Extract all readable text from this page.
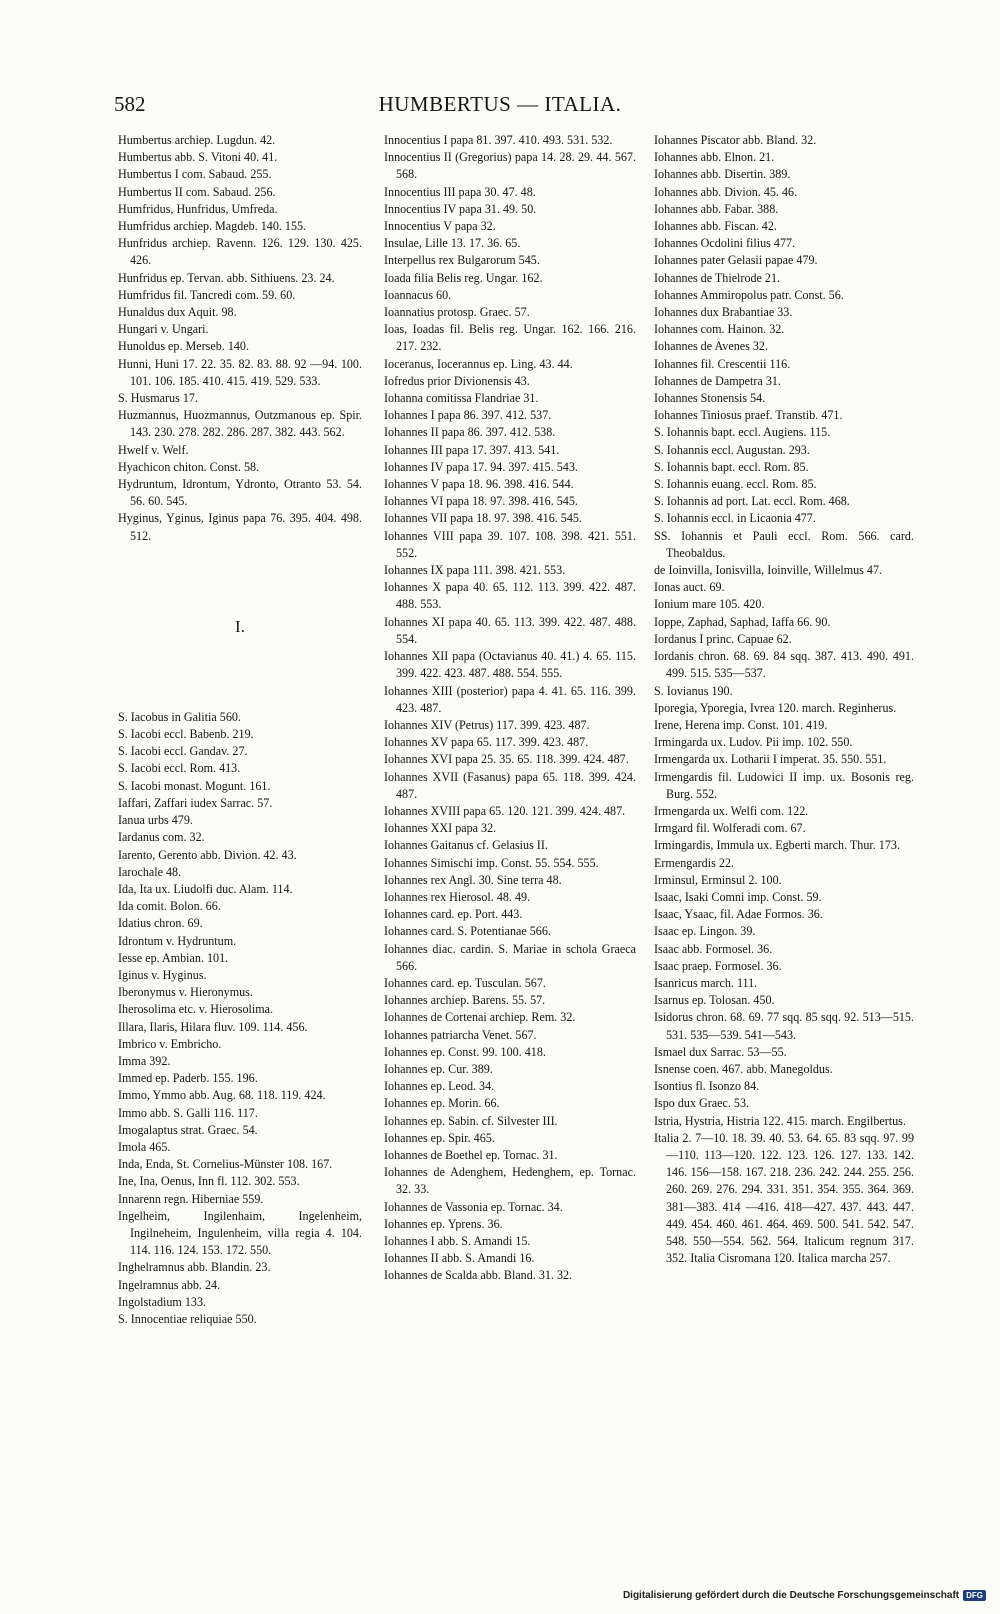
582	HUMBERTUS — ITALIA.
Humbertus archiep. Lugdun. 42.
Humbertus abb. S. Vitoni 40. 41.
Humbertus I com. Sabaud. 255.
Humbertus II com. Sabaud. 256.
Humfridus, Hunfridus, Umfreda.
Humfridus archiep. Magdeb. 140. 155.
Hunfridus archiep. Ravenn. 126. 129. 130. 425. 426.
Hunfridus ep. Tervan. abb. Sithiuens. 23. 24.
Humfridus fil. Tancredi com. 59. 60.
Hunaldus dux Aquit. 98.
Hungari v. Ungari.
Hunoldus ep. Merseb. 140.
Hunni, Huni 17. 22. 35. 82. 83. 88. 92 —94. 100. 101. 106. 185. 410. 415. 419. 529. 533.
S. Husmarus 17.
Huzmannus, Huozmannus, Outzmanous ep. Spir. 143. 230. 278. 282. 286. 287. 382. 443. 562.
Hwelf v. Welf.
Hyachicon chiton. Const. 58.
Hydruntum, Idrontum, Ydronto, Otranto 53. 54. 56. 60. 545.
Hyginus, Yginus, Iginus papa 76. 395. 404. 498. 512.
I.
S. Iacobus in Galitia 560.
S. Iacobi eccl. Babenb. 219.
S. Iacobi eccl. Gandav. 27.
S. Iacobi eccl. Rom. 413.
S. Iacobi monast. Mogunt. 161.
Iaffari, Zaffari iudex Sarrac. 57.
Ianua urbs 479.
Iardanus com. 32.
Iarento, Gerento abb. Divion. 42. 43.
Iarochale 48.
Ida, Ita ux. Liudolfi duc. Alam. 114.
Ida comit. Bolon. 66.
Idatius chron. 69.
Idrontum v. Hydruntum.
Iesse ep. Ambian. 101.
Iginus v. Hyginus.
Iberonymus v. Hieronymus.
Iherosolima etc. v. Hierosolima.
Illara, Ilaris, Hilara fluv. 109. 114. 456.
Imbrico v. Embricho.
Imma 392.
Immed ep. Paderb. 155. 196.
Immo, Ymmo abb. Aug. 68. 118. 119. 424.
Immo abb. S. Galli 116. 117.
Imogalaptus strat. Graec. 54.
Imola 465.
Inda, Enda, St. Cornelius-Münster 108. 167.
Ine, Ina, Oenus, Inn fl. 112. 302. 553.
Innarenn regn. Hiberniae 559.
Ingelheim, Ingilenhaim, Ingelenheim, Ingilneheim, Ingulenheim, villa regia 4. 104. 114. 116. 124. 153. 172. 550.
Inghelramnus abb. Blandin. 23.
Ingelramnus abb. 24.
Ingolstadium 133.
S. Innocentiae reliquiae 550.
Innocentius I papa 81. 397. 410. 493. 531. 532.
Innocentius II (Gregorius) papa 14. 28. 29. 44. 567. 568.
Innocentius III papa 30. 47. 48.
Innocentius IV papa 31. 49. 50.
Innocentius V papa 32.
Insulae, Lille 13. 17. 36. 65.
Interpellus rex Bulgarorum 545.
Ioada filia Belis reg. Ungar. 162.
Ioannacus 60.
Ioannatius protosp. Graec. 57.
Ioas, Ioadas fil. Belis reg. Ungar. 162. 166. 216. 217. 232.
Ioceranus, Iocerannus ep. Ling. 43. 44.
Iofredus prior Divionensis 43.
Iohanna comitissa Flandriae 31.
Iohannes I papa 86. 397. 412. 537.
Iohannes II papa 86. 397. 412. 538.
Iohannes III papa 17. 397. 413. 541.
Iohannes IV papa 17. 94. 397. 415. 543.
Iohannes V papa 18. 96. 398. 416. 544.
Iohannes VI papa 18. 97. 398. 416. 545.
Iohannes VII papa 18. 97. 398. 416. 545.
Iohannes VIII papa 39. 107. 108. 398. 421. 551. 552.
Iohannes IX papa 111. 398. 421. 553.
Iohannes X papa 40. 65. 112. 113. 399. 422. 487. 488. 553.
Iohannes XI papa 40. 65. 113. 399. 422. 487. 488. 554.
Iohannes XII papa (Octavianus 40. 41.) 4. 65. 115. 399. 422. 423. 487. 488. 554. 555.
Iohannes XIII (posterior) papa 4. 41. 65. 116. 399. 423. 487.
Iohannes XIV (Petrus) 117. 399. 423. 487.
Iohannes XV papa 65. 117. 399. 423. 487.
Iohannes XVI papa 25. 35. 65. 118. 399. 424. 487.
Iohannes XVII (Fasanus) papa 65. 118. 399. 424. 487.
Iohannes XVIII papa 65. 120. 121. 399. 424. 487.
Iohannes XXI papa 32.
Iohannes Gaitanus cf. Gelasius II.
Iohannes Simischi imp. Const. 55. 554. 555.
Iohannes rex Angl. 30. Sine terra 48.
Iohannes rex Hierosol. 48. 49.
Iohannes card. ep. Port. 443.
Iohannes card. S. Potentianae 566.
Iohannes diac. cardin. S. Mariae in schola Graeca 566.
Iohannes card. ep. Tusculan. 567.
Iohannes archiep. Barens. 55. 57.
Iohannes de Cortenai archiep. Rem. 32.
Iohannes patriarcha Venet. 567.
Iohannes ep. Const. 99. 100. 418.
Iohannes ep. Cur. 389.
Iohannes ep. Leod. 34.
Iohannes ep. Morin. 66.
Iohannes ep. Sabin. cf. Silvester III.
Iohannes ep. Spir. 465.
Iohannes de Boethel ep. Tornac. 31.
Iohannes de Adenghem, Hedenghem, ep. Tornac. 32. 33.
Iohannes de Vassonia ep. Tornac. 34.
Iohannes ep. Yprens. 36.
Iohannes I abb. S. Amandi 15.
Iohannes II abb. S. Amandi 16.
Iohannes de Scalda abb. Bland. 31. 32.
Iohannes Piscator abb. Bland. 32.
Iohannes abb. Elnon. 21.
Iohannes abb. Disertin. 389.
Iohannes abb. Divion. 45. 46.
Iohannes abb. Fabar. 388.
Iohannes abb. Fiscan. 42.
Iohannes Ocdolini filius 477.
Iohannes pater Gelasii papae 479.
Iohannes de Thielrode 21.
Iohannes Ammiropolus patr. Const. 56.
Iohannes dux Brabantiae 33.
Iohannes com. Hainon. 32.
Iohannes de Avenes 32.
Iohannes fil. Crescentii 116.
Iohannes de Dampetra 31.
Iohannes Stonensis 54.
Iohannes Tiniosus praef. Transtib. 471.
S. Iohannis bapt. eccl. Augiens. 115.
S. Iohannis eccl. Augustan. 293.
S. Iohannis bapt. eccl. Rom. 85.
S. Iohannis euang. eccl. Rom. 85.
S. Iohannis ad port. Lat. eccl. Rom. 468.
S. Iohannis eccl. in Licaonia 477.
SS. Iohannis et Pauli eccl. Rom. 566. card. Theobaldus.
de Ioinvilla, Ionisvilla, Ioinville, Willelmus 47.
Ionas auct. 69.
Ionium mare 105. 420.
Ioppe, Zaphad, Saphad, Iaffa 66. 90.
Iordanus I princ. Capuae 62.
Iordanis chron. 68. 69. 84 sqq. 387. 413. 490. 491. 499. 515. 535—537.
S. Iovianus 190.
Iporegia, Yporegia, Ivrea 120. march. Reginherus.
Irene, Herena imp. Const. 101. 419.
Irmingarda ux. Ludov. Pii imp. 102. 550.
Irmengarda ux. Lotharii I imperat. 35. 550. 551.
Irmengardis fil. Ludowici II imp. ux. Bosonis reg. Burg. 552.
Irmengarda ux. Welfi com. 122.
Irmgard fil. Wolferadi com. 67.
Irmingardis, Immula ux. Egberti march. Thur. 173.
Ermengardis 22.
Irminsul, Erminsul 2. 100.
Isaac, Isaki Comni imp. Const. 59.
Isaac, Ysaac, fil. Adae Formos. 36.
Isaac ep. Lingon. 39.
Isaac abb. Formosel. 36.
Isaac praep. Formosel. 36.
Isanricus march. 111.
Isarnus ep. Tolosan. 450.
Isidorus chron. 68. 69. 77 sqq. 85 sqq. 92. 513—515. 531. 535—539. 541—543.
Ismael dux Sarrac. 53—55.
Isnense coen. 467. abb. Manegoldus.
Isontius fl. Isonzo 84.
Ispo dux Graec. 53.
Istria, Hystria, Histria 122. 415. march. Engilbertus.
Italia 2. 7—10. 18. 39. 40. 53. 64. 65. 83 sqq. 97. 99—110. 113—120. 122. 123. 126. 127. 133. 142. 146. 156—158. 167. 218. 236. 242. 244. 255. 256. 260. 269. 276. 294. 331. 351. 354. 355. 364. 369. 381—383. 414 —416. 418—427. 437. 443. 447. 449. 454. 460. 461. 464. 469. 500. 541. 542. 547. 548. 550—554. 562. 564. Italicum regnum 317. 352. Italia Cisromana 120. Italica marcha 257.
Digitalisierung gefördert durch die Deutsche Forschungsgemeinschaft DFG
